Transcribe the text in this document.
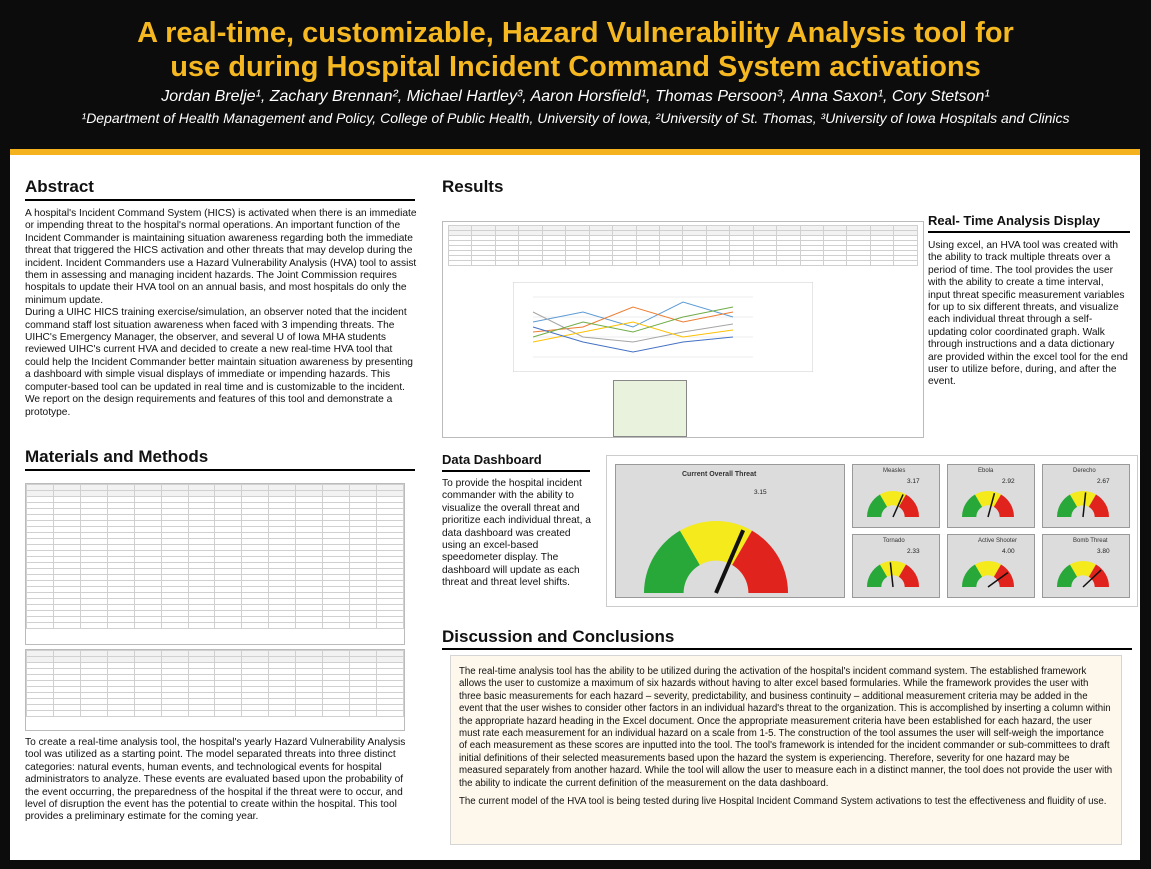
A real-time, customizable, Hazard Vulnerability Analysis tool for
use during Hospital Incident Command System activations
Jordan Brelje¹, Zachary Brennan², Michael Hartley³, Aaron Horsfield¹, Thomas Persoon³, Anna Saxon¹, Cory Stetson¹
¹Department of Health Management and Policy, College of Public Health, University of Iowa, ²University of St. Thomas, ³University of Iowa Hospitals and Clinics
Abstract

A hospital's Incident Command System (HICS) is activated when there is an immediate or impending threat to the hospital's normal operations. An important function of the Incident Commander is maintaining situation awareness regarding both the immediate threat that triggered the HICS activation and other threats that may develop during the incident. Incident Commanders use a Hazard Vulnerability Analysis (HVA) tool to assist them in assessing and managing incident hazards. The Joint Commission requires hospitals to update their HVA tool on an annual basis, and most hospitals do only the minimum update.

During a UIHC HICS training exercise/simulation, an observer noted that the incident command staff lost situation awareness when faced with 3 impending threats. The UIHC's Emergency Manager, the observer, and several U of Iowa MHA students reviewed UIHC's current HVA and decided to create a new real-time HVA tool that could help the Incident Commander better maintain situation awareness by presenting a dashboard with simple visual displays of immediate or impending hazards. This computer-based tool can be updated in real time and is customizable to the incident. We report on the design requirements and features of this tool and demonstrate a prototype.

Materials and Methods

To create a real-time analysis tool, the hospital's yearly Hazard Vulnerability Analysis tool was utilized as a starting point. The model separated threats into three distinct categories: natural events, human events, and technological events for hospital administrators to analyze. These events are evaluated based upon the probability of the event occurring, the preparedness of the hospital if the threat were to occur, and level of disruption the event has the potential to create within the hospital. This tool provides a preliminary estimate for the coming year.
Results

Real- Time Analysis Display
Using excel, an HVA tool was created with the ability to track multiple threats over a period of time. The tool provides the user with the ability to create a time interval, input threat specific measurement variables for up to six different threats, and visualize each individual threat through a self-updating color coordinated graph. Walk through instructions and a data dictionary are provided within the excel tool for the end user to utilize before, during, and after the event.
Data Dashboard
To provide the hospital incident commander with the ability to visualize the overall threat and prioritize each individual threat, a data dashboard was created using an excel-based speedometer display. The dashboard will update as each threat and threat level shifts.
Current Overall Threat
3.15
Measles
3.17
Ebola
2.92
Derecho
2.67
Tornado
2.33
Active Shooter
4.00
Bomb Threat
3.80
Discussion and Conclusions

The real-time analysis tool has the ability to be utilized during the activation of the hospital's incident command system. The established framework allows the user to customize a maximum of six hazards without having to alter excel based formularies. While the framework provides the user with three basic measurements for each hazard – severity, predictability, and business continuity – additional measurement criteria may be added in the event that the user wishes to consider other factors in an individual hazard's threat to the organization. This is accomplished by inserting a column within the appropriate hazard heading in the Excel document. Once the appropriate measurement criteria have been established for each hazard, the user must rate each measurement for an individual hazard on a scale from 1-5. The construction of the tool assumes the user will self-weigh the importance of each measurement as these scores are inputted into the tool. The tool's framework is intended for the incident commander or sub-committees to draft initial definitions of their selected measurements based upon the hazard the system is experiencing. Therefore, severity for one hazard may be measured separately from another hazard. While the tool will allow the user to measure each in a distinct manner, the tool does not provide the user with the ability to indicate the current definition of the measurement on the data dashboard.

The current model of the HVA tool is being tested during live Hospital Incident Command System activations to test the effectiveness and fluidity of use.
